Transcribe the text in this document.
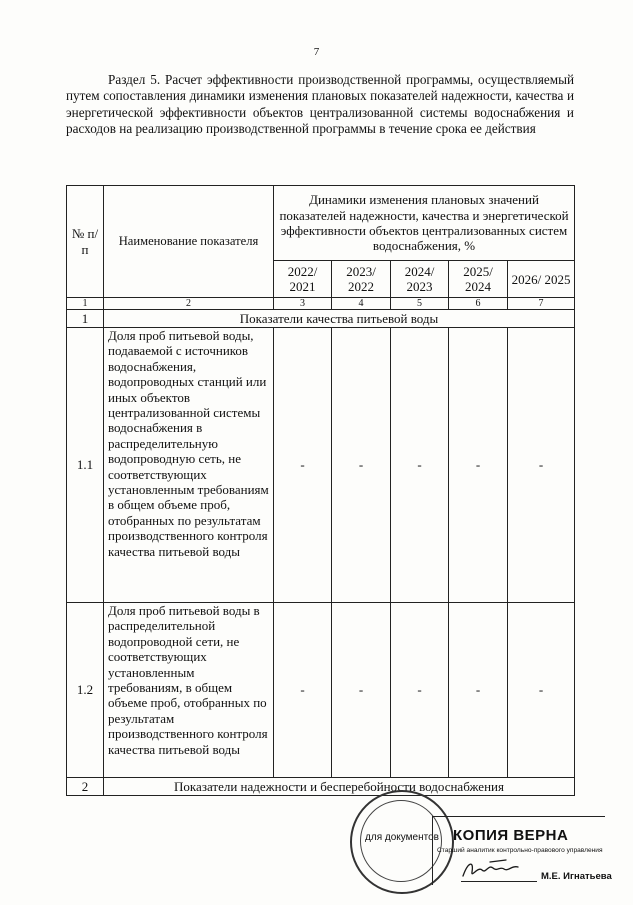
7
Раздел 5. Расчет эффективности производственной программы, осуществляемый путем сопоставления динамики изменения плановых показателей надежности, качества и энергетической эффективности объектов централизованной системы водоснабжения и расходов на реализацию производственной программы в течение срока ее действия
№ п/п	Наименование показателя	Динамики изменения плановых значений показателей надежности, качества и энергетической эффективности объектов централизованных систем водоснабжения, %				
		2022/ 2021	2023/ 2022	2024/ 2023	2025/ 2024	2026/ 2025
1	2	3	4	5	6	7
1	Показатели качества питьевой воды					
1.1	Доля проб питьевой воды, подаваемой с источников водоснабжения, водопроводных станций или иных объектов централизованной системы водоснабжения в распределительную водопроводную сеть, не соответствующих установленным требованиям в общем объеме проб, отобранных по результатам производственного контроля качества питьевой воды	-	-	-	-	-
1.2	Доля проб питьевой воды в распределительной водопроводной сети, не соответствующих установленным требованиям, в общем объеме проб, отобранных по результатам производственного контроля качества питьевой воды	-	-	-	-	-
2	Показатели надежности и бесперебойности водоснабжения					
для документов КОПИЯ ВЕРНА
Старший аналитик контрольно-правового управления
М.Е. Игнатьева
